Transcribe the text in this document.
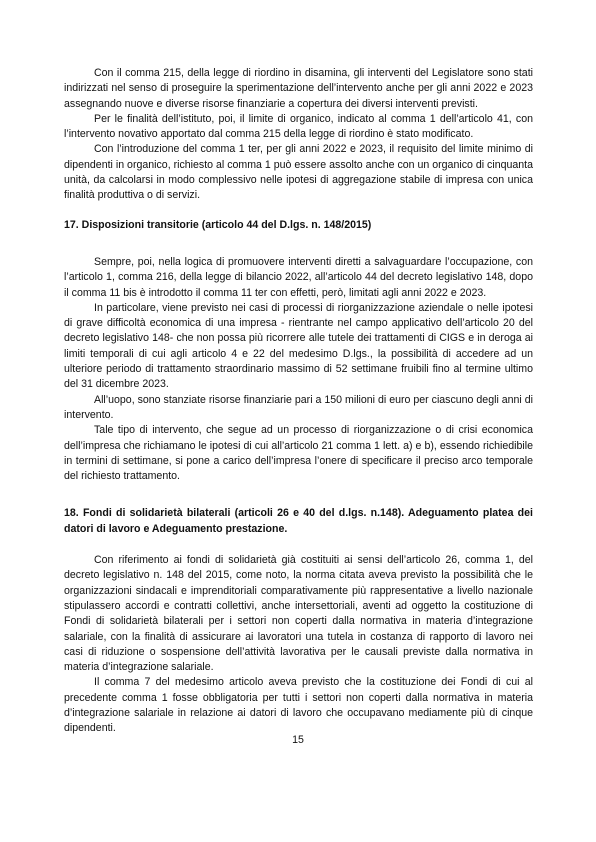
Con il comma 215, della legge di riordino in disamina, gli interventi del Legislatore sono stati indirizzati nel senso di proseguire la sperimentazione dell’intervento anche per gli anni 2022 e 2023 assegnando nuove e diverse risorse finanziarie a copertura dei diversi interventi previsti.

Per le finalità dell’istituto, poi, il limite di organico, indicato al comma 1 dell’articolo 41, con l’intervento novativo apportato dal comma 215 della legge di riordino è stato modificato.

Con l’introduzione del comma 1 ter, per gli anni 2022 e 2023, il requisito del limite minimo di dipendenti in organico, richiesto al comma 1 può essere assolto anche con un organico di cinquanta unità, da calcolarsi in modo complessivo nelle ipotesi di aggregazione stabile di impresa con unica finalità produttiva o di servizi.

17. Disposizioni transitorie (articolo 44 del D.lgs. n. 148/2015)

Sempre, poi, nella logica di promuovere interventi diretti a salvaguardare l’occupazione, con l’articolo 1, comma 216, della legge di bilancio 2022, all’articolo 44 del decreto legislativo 148, dopo il comma 11 bis è introdotto il comma 11 ter con effetti, però, limitati agli anni 2022 e 2023.

In particolare, viene previsto nei casi di processi di riorganizzazione aziendale o nelle ipotesi di grave difficoltà economica di una impresa - rientrante nel campo applicativo dell’articolo 20 del decreto legislativo 148- che non possa più ricorrere alle tutele dei trattamenti di CIGS e in deroga ai limiti temporali di cui agli articolo 4 e 22 del medesimo D.lgs., la possibilità di accedere ad un ulteriore periodo di trattamento straordinario massimo di 52 settimane fruibili fino al termine ultimo del 31 dicembre 2023.

All’uopo, sono stanziate risorse finanziarie pari a 150 milioni di euro per ciascuno degli anni di intervento.

Tale tipo di intervento, che segue ad un processo di riorganizzazione o di crisi economica dell’impresa che richiamano le ipotesi di cui all’articolo 21 comma 1 lett. a) e b), essendo richiedibile in termini di settimane, si pone a carico dell’impresa l’onere di specificare il preciso arco temporale del richiesto trattamento.

18. Fondi di solidarietà bilaterali (articoli 26 e 40 del d.lgs. n.148). Adeguamento platea dei datori di lavoro e Adeguamento prestazione.

Con riferimento ai fondi di solidarietà già costituiti ai sensi dell’articolo 26, comma 1, del decreto legislativo n. 148 del 2015, come noto, la norma citata aveva previsto la possibilità che le organizzazioni sindacali e imprenditoriali comparativamente più rappresentative a livello nazionale stipulassero accordi e contratti collettivi, anche intersettoriali, aventi ad oggetto la costituzione di Fondi di solidarietà bilaterali per i settori non coperti dalla normativa in materia d’integrazione salariale, con la finalità di assicurare ai lavoratori una tutela in costanza di rapporto di lavoro nei casi di riduzione o sospensione dell’attività lavorativa per le causali previste dalla normativa in materia d’integrazione salariale.

Il comma 7 del medesimo articolo aveva previsto che la costituzione dei Fondi di cui al precedente comma 1 fosse obbligatoria per tutti i settori non coperti dalla normativa in materia d’integrazione salariale in relazione ai datori di lavoro che occupavano mediamente più di cinque dipendenti.

15
